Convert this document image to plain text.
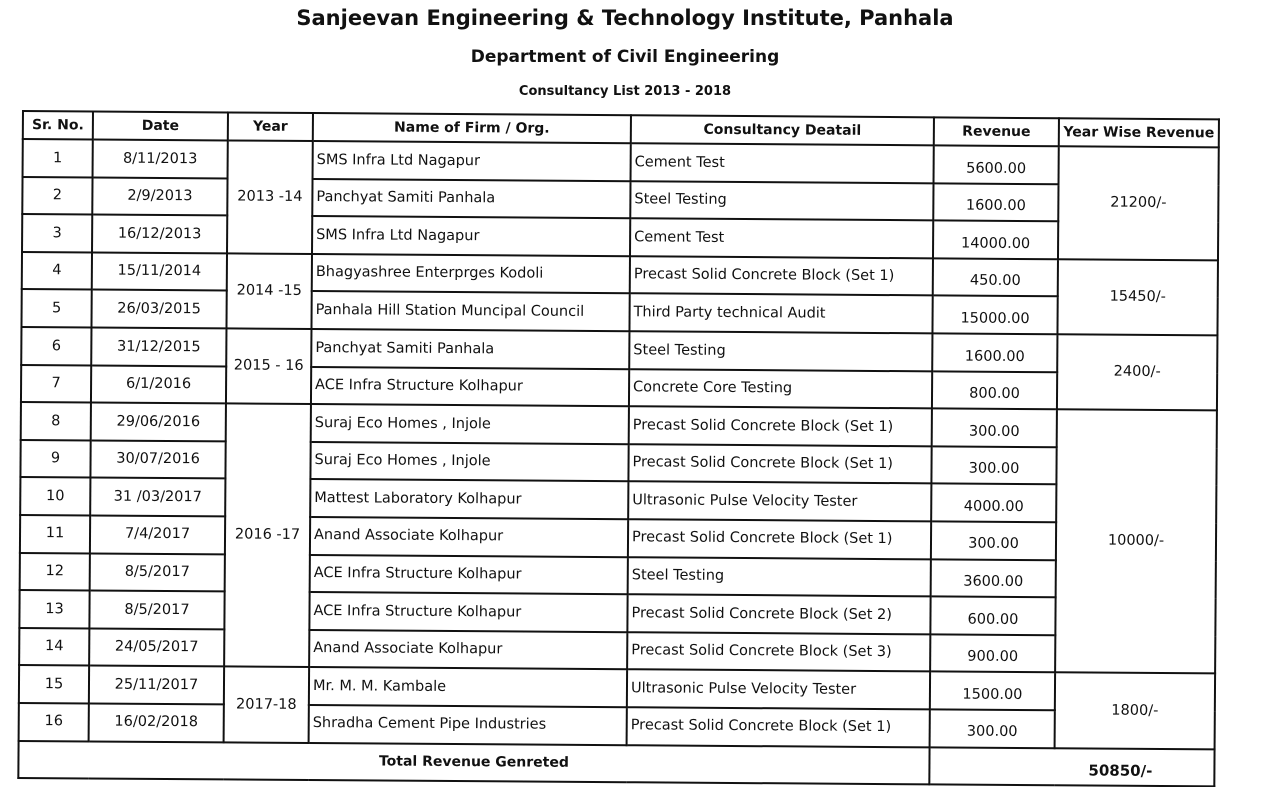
Sanjeevan Engineering & Technology Institute, Panhala
Department of Civil Engineering
Consultancy List 2013 - 2018
Sr. No.	Date	Year	Name of Firm / Org.	Consultancy Deatail	Revenue	Year Wise Revenue
1	8/11/2013	2013 -14	SMS Infra Ltd Nagapur	Cement Test	5600.00	21200/-
2	2/9/2013		Panchyat Samiti Panhala	Steel Testing	1600.00	
3	16/12/2013		SMS Infra Ltd Nagapur	Cement Test	14000.00	
4	15/11/2014	2014 -15	Bhagyashree Enterprges Kodoli	Precast Solid Concrete Block (Set 1)	450.00	15450/-
5	26/03/2015		Panhala Hill Station Muncipal Council	Third Party technical Audit	15000.00	
6	31/12/2015	2015 - 16	Panchyat Samiti Panhala	Steel Testing	1600.00	2400/-
7	6/1/2016		ACE Infra Structure Kolhapur	Concrete Core Testing	800.00	
8	29/06/2016	2016 -17	Suraj Eco Homes , Injole	Precast Solid Concrete Block (Set 1)	300.00	10000/-
9	30/07/2016		Suraj Eco Homes , Injole	Precast Solid Concrete Block (Set 1)	300.00	
10	31 /03/2017		Mattest Laboratory Kolhapur	Ultrasonic Pulse Velocity Tester	4000.00	
11	7/4/2017		Anand Associate Kolhapur	Precast Solid Concrete Block (Set 1)	300.00	
12	8/5/2017		ACE Infra Structure Kolhapur	Steel Testing	3600.00	
13	8/5/2017		ACE Infra Structure Kolhapur	Precast Solid Concrete Block (Set 2)	600.00	
14	24/05/2017		Anand Associate Kolhapur	Precast Solid Concrete Block (Set 3)	900.00	
15	25/11/2017	2017-18	Mr. M. M. Kambale	Ultrasonic Pulse Velocity Tester	1500.00	1800/-
16	16/02/2018		Shradha Cement Pipe Industries	Precast Solid Concrete Block (Set 1)	300.00	
Total Revenue Genreted					50850/-	
